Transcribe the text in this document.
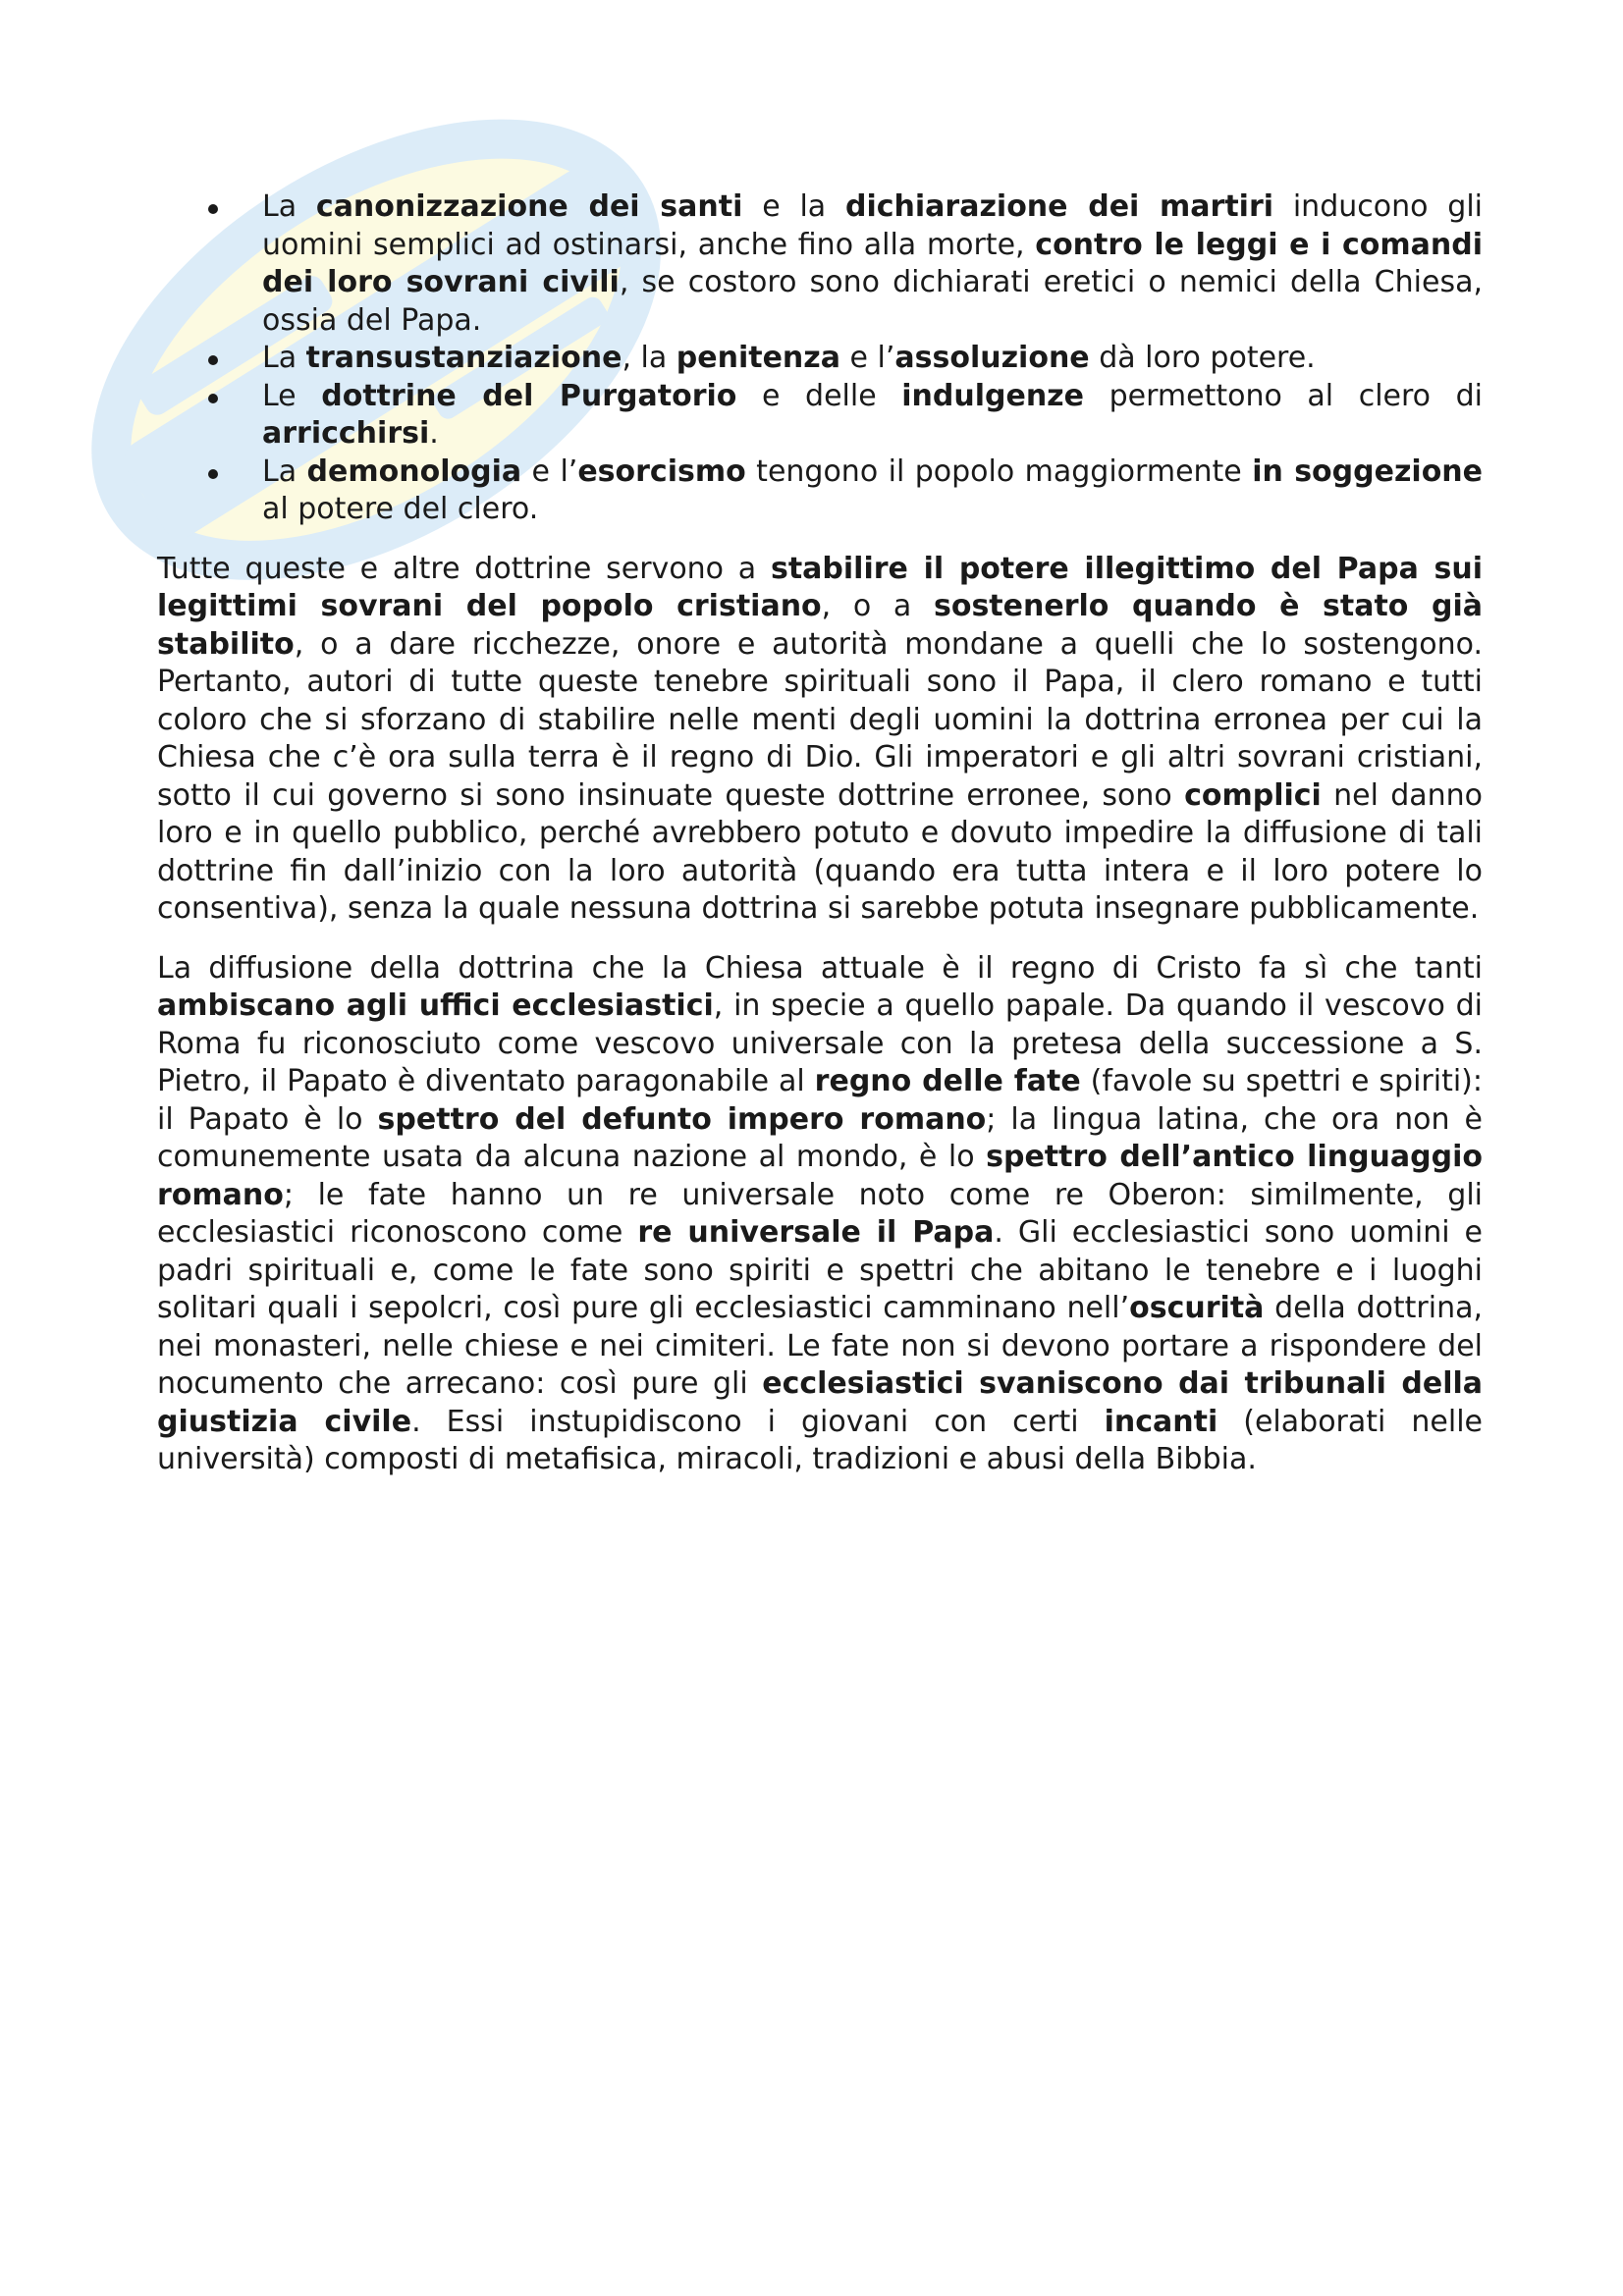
La canonizzazione dei santi e la dichiarazione dei martiri inducono gli uomini semplici ad ostinarsi, anche fino alla morte, contro le leggi e i comandi dei loro sovrani civili, se costoro sono dichiarati eretici o nemici della Chiesa, ossia del Papa.
La transustanziazione, la penitenza e l’assoluzione dà loro potere.
Le dottrine del Purgatorio e delle indulgenze permettono al clero di arricchirsi.
La demonologia e l’esorcismo tengono il popolo maggiormente in soggezione al potere del clero.

Tutte queste e altre dottrine servono a stabilire il potere illegittimo del Papa sui legittimi sovrani del popolo cristiano, o a sostenerlo quando è stato già stabilito, o a dare ricchezze, onore e autorità mondane a quelli che lo sostengono. Pertanto, autori di tutte queste tenebre spirituali sono il Papa, il clero romano e tutti coloro che si sforzano di stabilire nelle menti degli uomini la dottrina erronea per cui la Chiesa che c’è ora sulla terra è il regno di Dio. Gli imperatori e gli altri sovrani cristiani, sotto il cui governo si sono insinuate queste dottrine erronee, sono complici nel danno loro e in quello pubblico, perché avrebbero potuto e dovuto impedire la diffusione di tali dottrine fin dall’inizio con la loro autorità (quando era tutta intera e il loro potere lo consentiva), senza la quale nessuna dottrina si sarebbe potuta insegnare pubblicamente.

La diffusione della dottrina che la Chiesa attuale è il regno di Cristo fa sì che tanti ambiscano agli uffici ecclesiastici, in specie a quello papale. Da quando il vescovo di Roma fu riconosciuto come vescovo universale con la pretesa della successione a S. Pietro, il Papato è diventato paragonabile al regno delle fate (favole su spettri e spiriti): il Papato è lo spettro del defunto impero romano; la lingua latina, che ora non è comunemente usata da alcuna nazione al mondo, è lo spettro dell’antico linguaggio romano; le fate hanno un re universale noto come re Oberon: similmente, gli ecclesiastici riconoscono come re universale il Papa. Gli ecclesiastici sono uomini e padri spirituali e, come le fate sono spiriti e spettri che abitano le tenebre e i luoghi solitari quali i sepolcri, così pure gli ecclesiastici camminano nell’oscurità della dottrina, nei monasteri, nelle chiese e nei cimiteri. Le fate non si devono portare a rispondere del nocumento che arrecano: così pure gli ecclesiastici svaniscono dai tribunali della giustizia civile. Essi instupidiscono i giovani con certi incanti (elaborati nelle università) composti di metafisica, miracoli, tradizioni e abusi della Bibbia.
